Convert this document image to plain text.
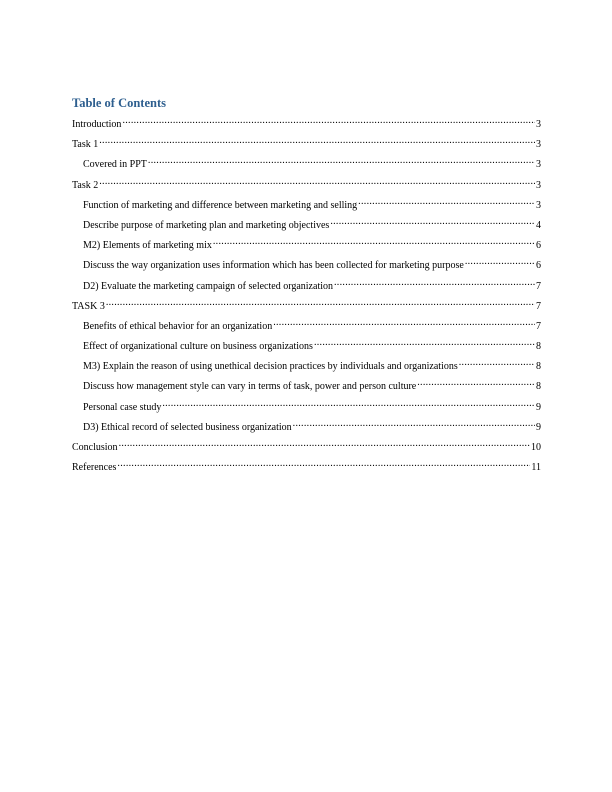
Table of Contents
Introduction .....	3
Task 1 .....	3
Covered in PPT .....	3
Task 2 .....	3
Function of marketing and difference between marketing and selling .....	3
Describe purpose of marketing plan and marketing objectives .....	4
M2) Elements of marketing mix .....	6
Discuss the way organization uses information which has been collected for marketing purpose .....	6
D2) Evaluate the marketing campaign of selected organization .....	7
TASK 3 .....	7
Benefits of ethical behavior for an organization .....	7
Effect of organizational culture on business organizations .....	8
M3) Explain the reason of using unethical decision practices by individuals and organizations .....	8
Discuss how management style can vary in terms of task, power and person culture .....	8
Personal case study .....	9
D3) Ethical record of selected business organization .....	9
Conclusion .....	10
References .....	11
